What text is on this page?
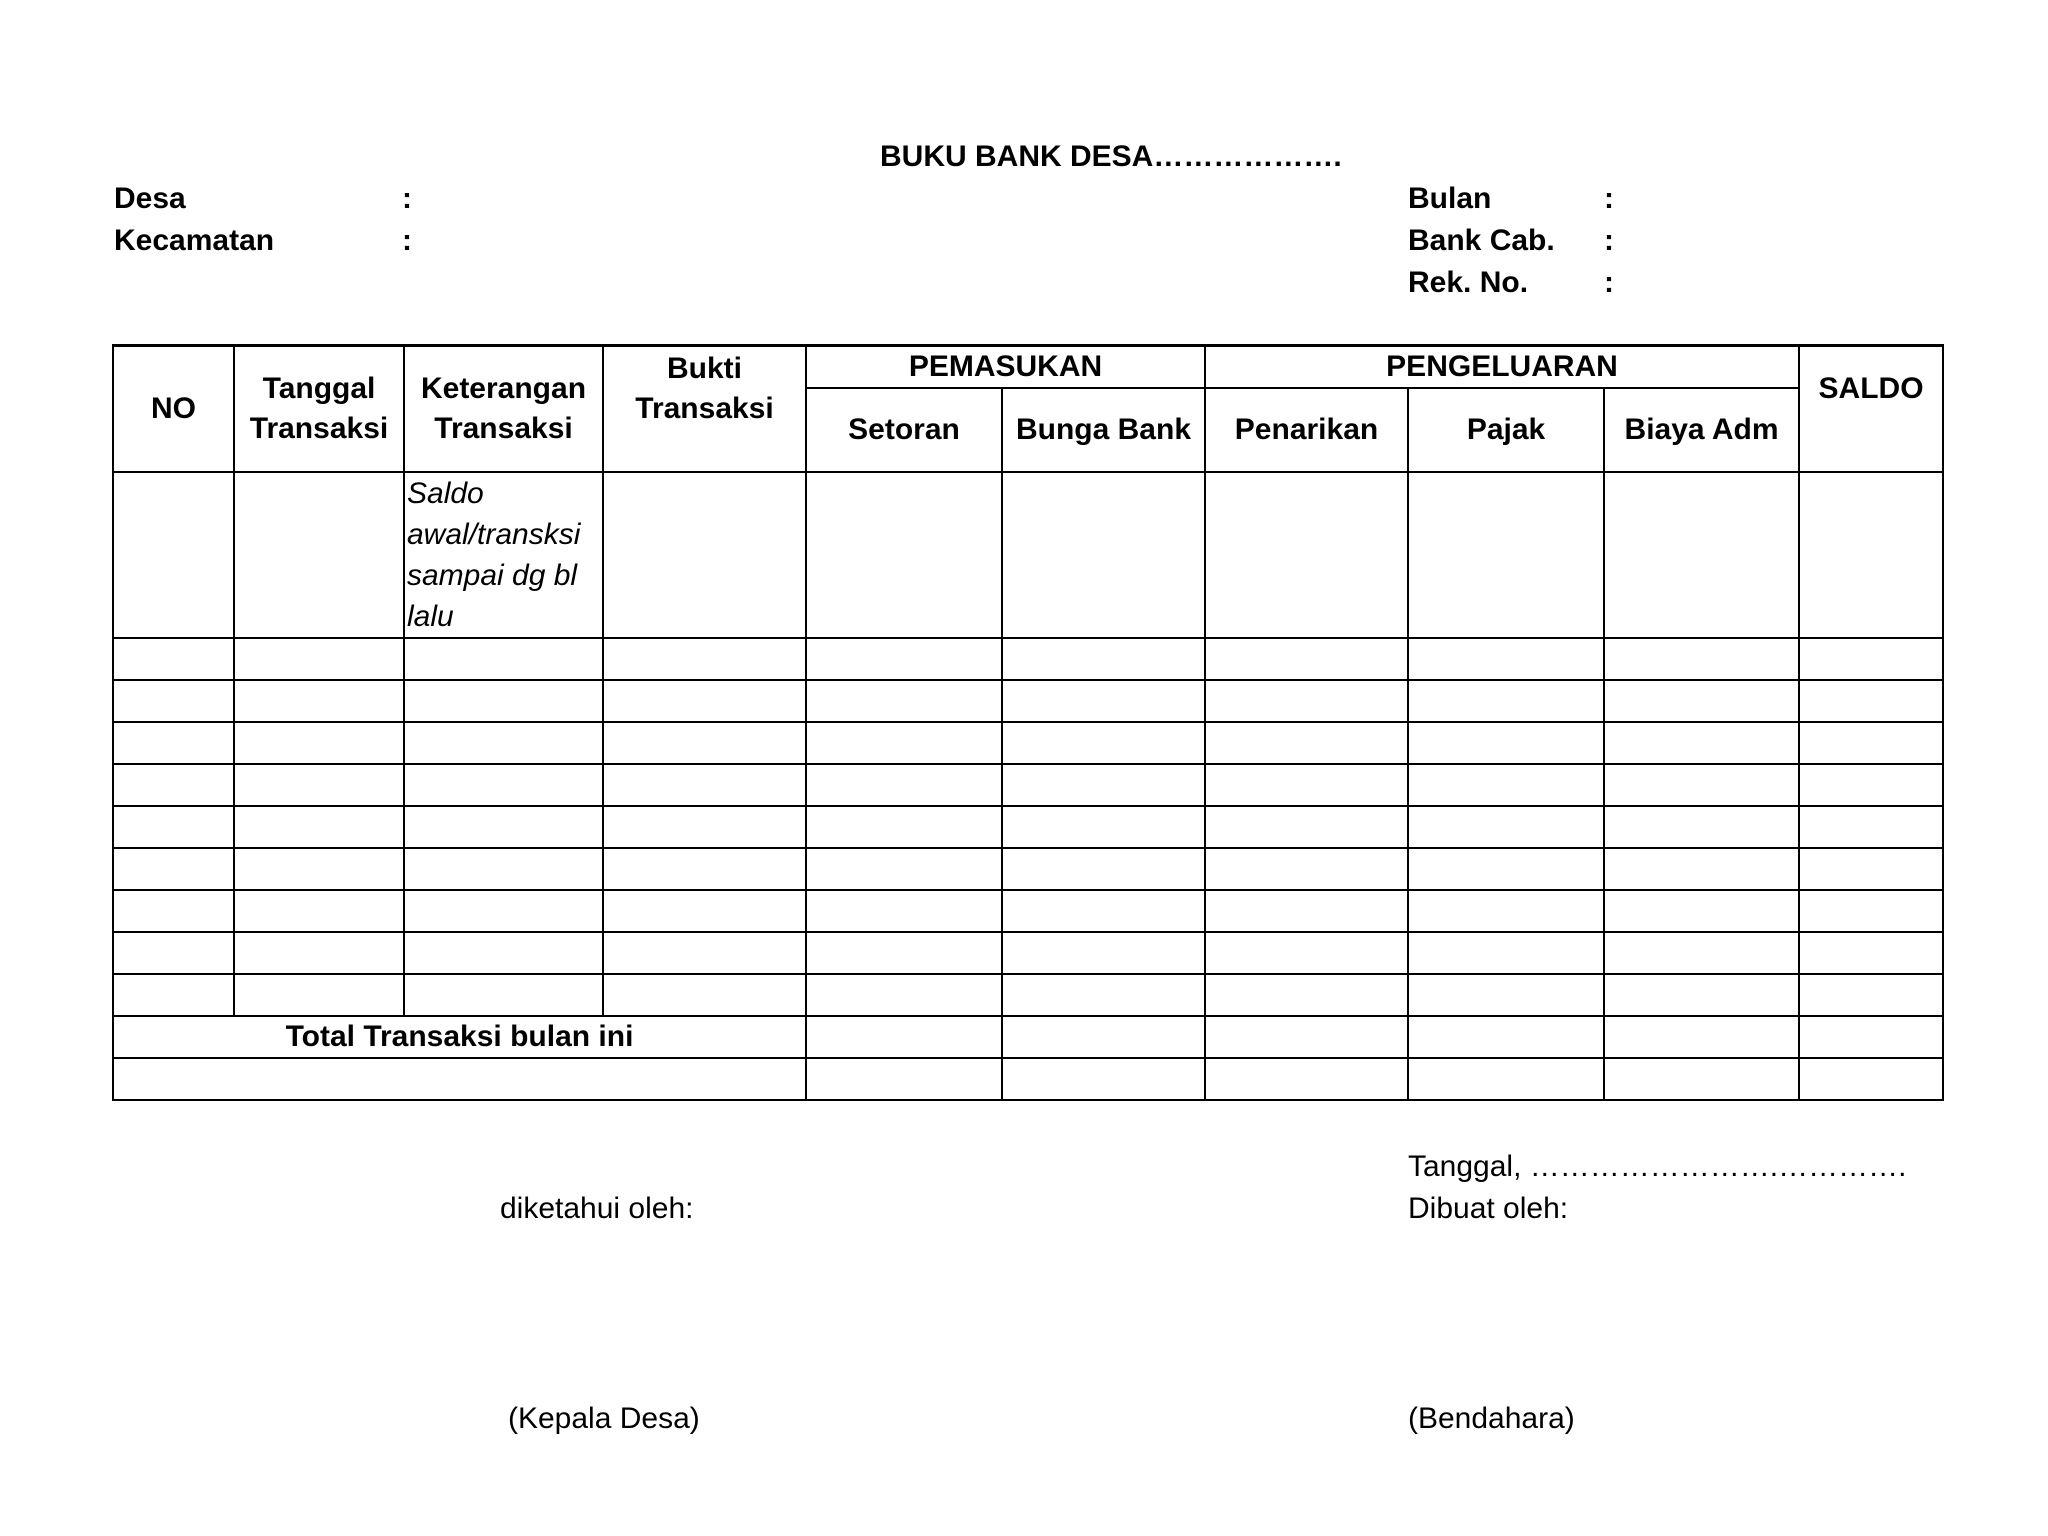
BUKU BANK DESA……………….
Desa	:
Kecamatan	:
Bulan	:
Bank Cab. :
Rek. No.	:
NO	Tanggal Transaksi	Keterangan Transaksi	Bukti Transaksi	PEMASUKAN		PENGELUARAN			SALDO
				Setoran	Bunga Bank	Penarikan	Pajak	Biaya Adm	
		Saldo awal/transksi sampai dg bl lalu							

Total Transaksi bulan ini									

Tanggal, …………………….………….
diketahui oleh:	Dibuat oleh:
(Kepala Desa)	(Bendahara)
